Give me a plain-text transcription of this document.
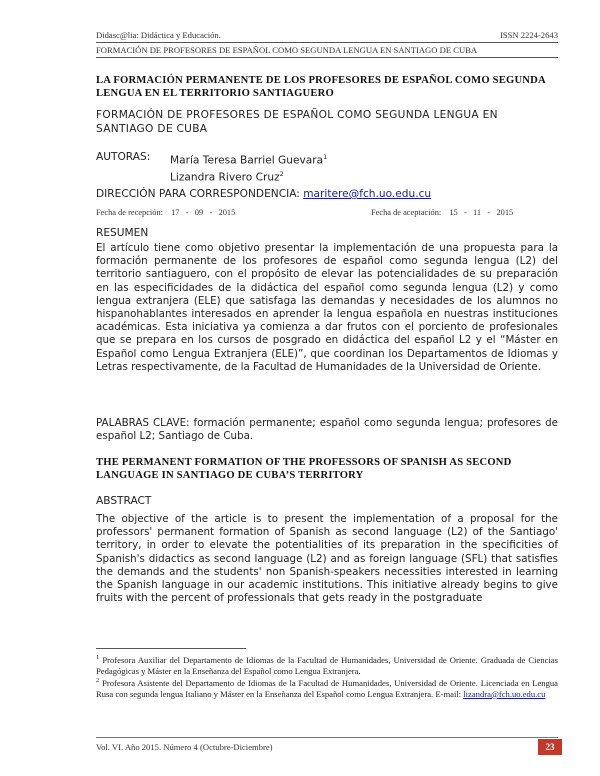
Didasc@lia: Didáctica y Educación.	ISSN 2224-2643
FORMACIÓN DE PROFESORES DE ESPAÑOL COMO SEGUNDA LENGUA EN SANTIAGO DE CUBA
LA FORMACIÓN PERMANENTE DE LOS PROFESORES DE ESPAÑOL COMO SEGUNDA LENGUA EN EL TERRITORIO SANTIAGUERO
FORMACIÓN DE PROFESORES DE ESPAÑOL COMO SEGUNDA LENGUA EN SANTIAGO DE CUBA
AUTORAS: María Teresa Barriel Guevara$^1$
Lizandra Rivero Cruz$^2$
DIRECCIÓN PARA CORRESPONDENCIA: maritere@fch.uo.edu.cu
Fecha de recepción: 17   -   09   -   2015	Fecha de aceptación: 15   -   11   -   2015
RESUMEN
El artículo tiene como objetivo presentar la implementación de una propuesta para la formación permanente de los profesores de español como segunda lengua (L2) del territorio santiaguero, con el propósito de elevar las potencialidades de su preparación en las especificidades de la didáctica del español como segunda lengua (L2) y como lengua extranjera (ELE) que satisfaga las demandas y necesidades de los alumnos no hispanohablantes interesados en aprender la lengua española en nuestras instituciones académicas. Esta iniciativa ya comienza a dar frutos con el porciento de profesionales que se prepara en los cursos de posgrado en didáctica del español L2 y el “Máster en Español como Lengua Extranjera (ELE)”, que coordinan los Departamentos de Idiomas y Letras respectivamente, de la Facultad de Humanidades de la Universidad de Oriente.
PALABRAS CLAVE: formación permanente; español como segunda lengua; profesores de español L2; Santiago de Cuba.
THE PERMANENT FORMATION OF THE PROFESSORS OF SPANISH AS SECOND LANGUAGE IN SANTIAGO DE CUBA’S TERRITORY
ABSTRACT
The objective of the article is to present the implementation of a proposal for the professors' permanent formation of Spanish as second language (L2) of the Santiago' territory, in order to elevate the potentialities of its preparation in the specificities of Spanish's didactics as second language (L2) and as foreign language (SFL) that satisfies the demands and the students' non Spanish-speakers necessities interested in learning the Spanish language in our academic institutions. This initiative already begins to give fruits with the percent of professionals that gets ready in the postgraduate
$^1$ Profesora Auxiliar del Departamento de Idiomas de la Facultad de Humanidades, Universidad de Oriente. Graduada de Ciencias Pedagógicas y Máster en la Enseñanza del Español como Lengua Extranjera.
$^2$ Profesora Asistente del Departamento de Idiomas de la Facultad de Humanidades, Universidad de Oriente. Licenciada en Lengua Rusa con segunda lengua Italiano y Máster en la Enseñanza del Español como Lengua Extranjera. E-mail: lizandra@fch.uo.edu.cu
Vol. VI. Año 2015. Número 4 (Octubre-Diciembre)	23
